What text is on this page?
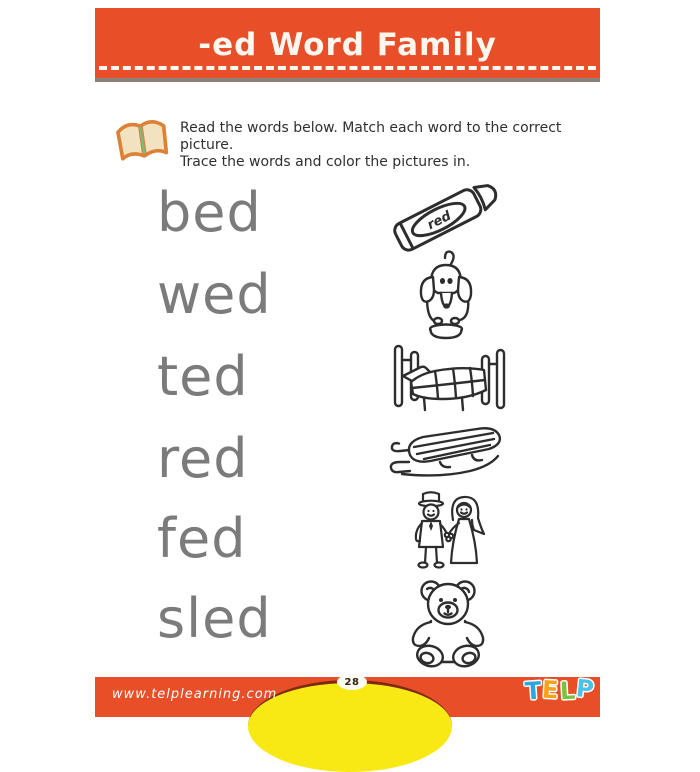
-ed Word Family
Read the words below. Match each word to the correct picture.
Trace the words and color the pictures in.
bed
wed
ted
red
fed
sled
red
www.telplearning.com
28	T
E
L
P
